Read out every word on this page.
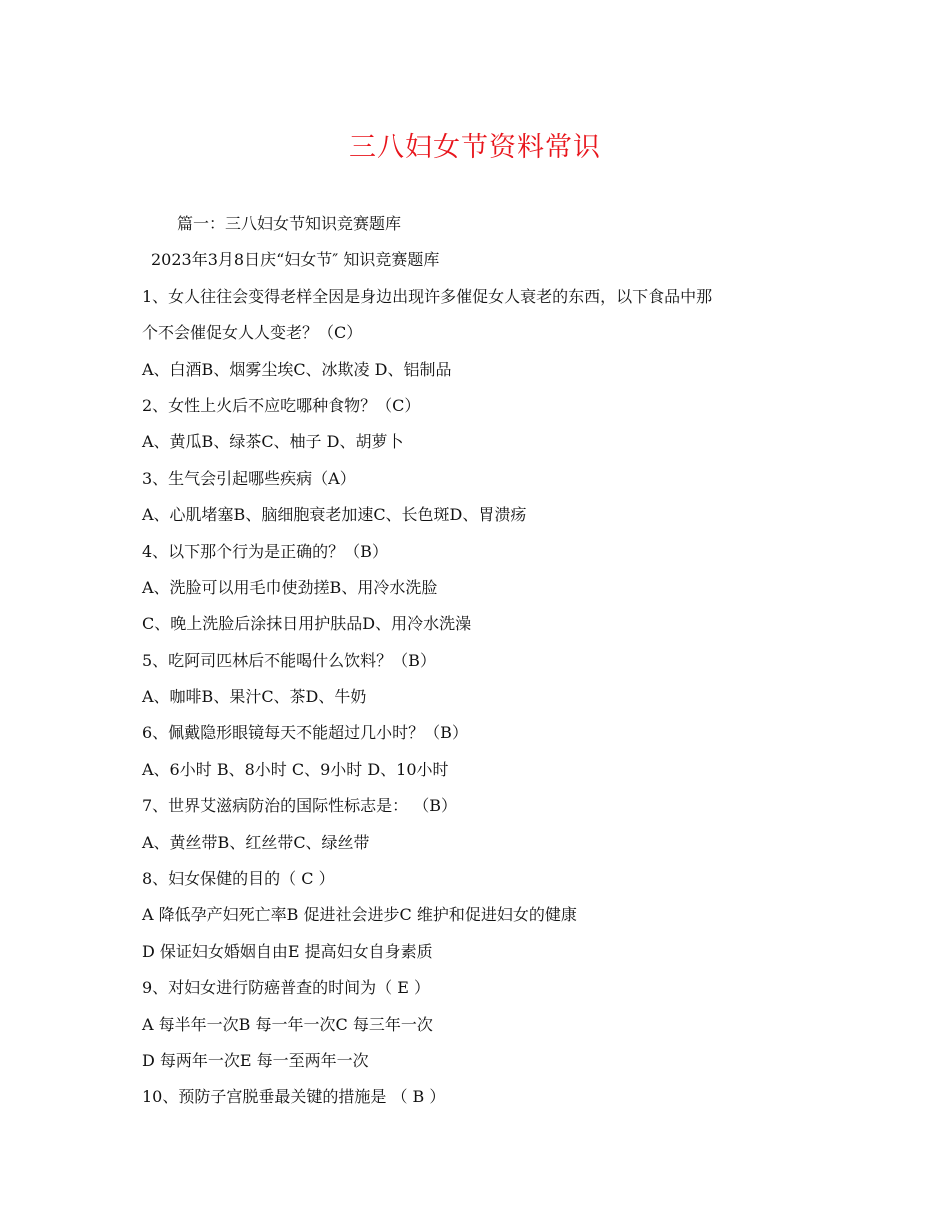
三八妇女节资料常识
篇一：三八妇女节知识竞赛题库
2023年3月8日庆“妇女节″ 知识竞赛题库
1、女人往往会变得老样全因是身边出现许多催促女人衰老的东西，以下食品中那
个不会催促女人人变老？（C）
A、白酒B、烟雾尘埃C、冰欺凌 D、铝制品
2、女性上火后不应吃哪种食物？（C）
A、黄瓜B、绿茶C、柚子 D、胡萝卜
3、生气会引起哪些疾病（A）
A、心肌堵塞B、脑细胞衰老加速C、长色斑D、胃溃疡
4、以下那个行为是正确的？（B）
A、洗脸可以用毛巾使劲搓B、用冷水洗脸
C、晚上洗脸后涂抹日用护肤品D、用冷水洗澡
5、吃阿司匹林后不能喝什么饮料？（B）
A、咖啡B、果汁C、茶D、牛奶
6、佩戴隐形眼镜每天不能超过几小时？（B）
A、6小时 B、8小时 C、9小时 D、10小时
7、世界艾滋病防治的国际性标志是： （B）
A、黄丝带B、红丝带C、绿丝带
8、妇女保健的目的（ C ）
A 降低孕产妇死亡率B 促进社会进步C 维护和促进妇女的健康
D 保证妇女婚姻自由E 提高妇女自身素质
9、对妇女进行防癌普查的时间为（ E ）
A 每半年一次B 每一年一次C 每三年一次
D 每两年一次E 每一至两年一次
10、预防子宫脱垂最关键的措施是 （ B ）
